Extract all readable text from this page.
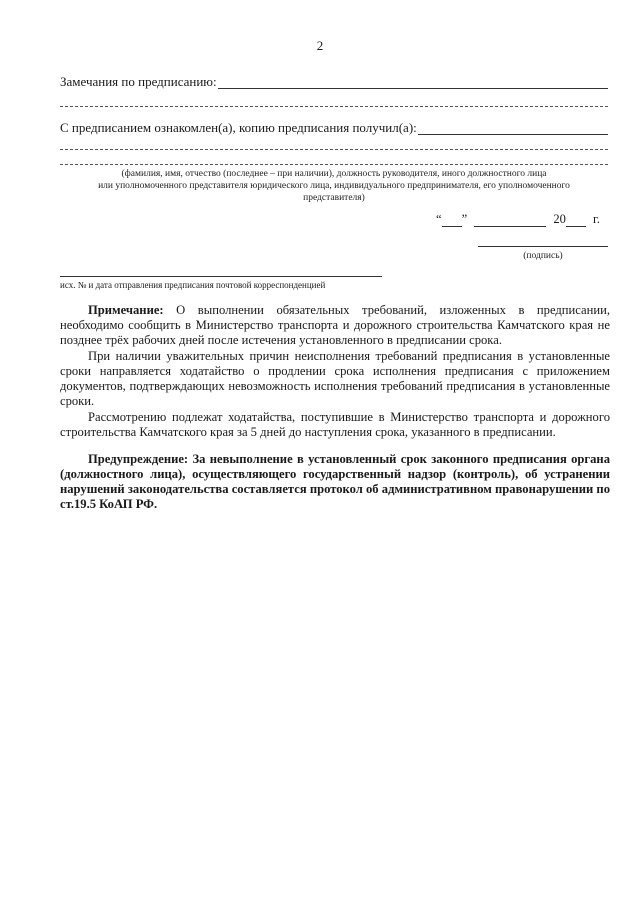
2
Замечания по предписанию:
С предписанием ознакомлен(а), копию предписания получил(а):
(фамилия, имя, отчество (последнее – при наличии), должность руководителя, иного должностного лица
или уполномоченного представителя юридического лица, индивидуального предпринимателя, его уполномоченного
представителя)
“ ”	20 г.
(подпись)
исх. № и дата отправления предписания почтовой корреспонденцией
Примечание: О выполнении обязательных требований, изложенных в предписании, необходимо сообщить в Министерство транспорта и дорожного строительства Камчатского края не позднее трёх рабочих дней после истечения установленного в предписании срока.
При наличии уважительных причин неисполнения требований предписания в установленные сроки направляется ходатайство о продлении срока исполнения предписания с приложением документов, подтверждающих невозможность исполнения требований предписания в установленные сроки.
Рассмотрению подлежат ходатайства, поступившие в Министерство транспорта и дорожного строительства Камчатского края за 5 дней до наступления срока, указанного в предписании.
Предупреждение: За невыполнение в установленный срок законного предписания органа (должностного лица), осуществляющего государственный надзор (контроль), об устранении нарушений законодательства составляется протокол об административном правонарушении по ст.19.5 КоАП РФ.
